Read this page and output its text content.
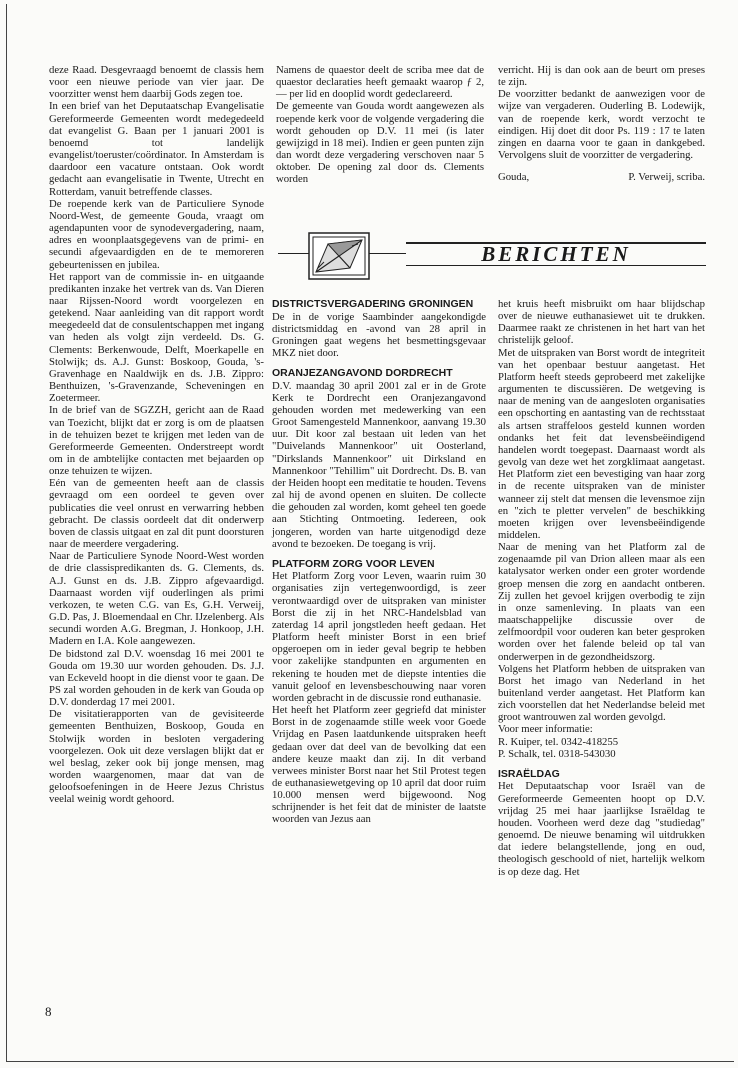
deze Raad. Desgevraagd benoemt de classis hem voor een nieuwe periode van vier jaar. De voorzitter wenst hem daarbij Gods zegen toe.

In een brief van het Deputaatschap Evangelisatie Gereformeerde Gemeenten wordt medegedeeld dat evangelist G. Baan per 1 januari 2001 is benoemd tot landelijk evangelist/toeruster/coördinator. In Amsterdam is daardoor een vacature ontstaan. Ook wordt gedacht aan evangelisatie in Twente, Utrecht en Rotterdam, vanuit betreffende classes.

De roepende kerk van de Particuliere Synode Noord-West, de gemeente Gouda, vraagt om agendapunten voor de synodevergadering, naam, adres en woonplaatsgegevens van de primi- en secundi afgevaardigden en de te memoreren gebeurtenissen en jubilea.

Het rapport van de commissie in- en uitgaande predikanten inzake het vertrek van ds. Van Dieren naar Rijssen-Noord wordt voorgelezen en getekend. Naar aanleiding van dit rapport wordt meegedeeld dat de consulentschappen met ingang van heden als volgt zijn verdeeld. Ds. G. Clements: Berkenwoude, Delft, Moerkapelle en Stolwijk; ds. A.J. Gunst: Boskoop, Gouda, 's-Gravenhage en Naaldwijk en ds. J.B. Zippro: Benthuizen, 's-Gravenzande, Scheveningen en Zoetermeer.

In de brief van de SGZZH, gericht aan de Raad van Toezicht, blijkt dat er zorg is om de plaatsen in de tehuizen bezet te krijgen met leden van de Gereformeerde Gemeenten. Onderstreept wordt om in de ambtelijke contacten met bejaarden op onze tehuizen te wijzen.

Eén van de gemeenten heeft aan de classis gevraagd om een oordeel te geven over publicaties die veel onrust en verwarring hebben gebracht. De classis oordeelt dat dit onderwerp boven de classis uitgaat en zal dit punt doorsturen naar de meerdere vergadering.

Naar de Particuliere Synode Noord-West worden de drie classispredikanten ds. G. Clements, ds. A.J. Gunst en ds. J.B. Zippro afgevaardigd. Daarnaast worden vijf ouderlingen als primi verkozen, te weten C.G. van Es, G.H. Verweij, G.D. Pas, J. Bloemendaal en Chr. IJzelenberg. Als secundi worden A.G. Bregman, J. Honkoop, J.H. Madern en I.A. Kole aangewezen.

De bidstond zal D.V. woensdag 16 mei 2001 te Gouda om 19.30 uur worden gehouden. Ds. J.J. van Eckeveld hoopt in die dienst voor te gaan. De PS zal worden gehouden in de kerk van Gouda op D.V. donderdag 17 mei 2001.

De visitatierapporten van de gevisiteerde gemeenten Benthuizen, Boskoop, Gouda en Stolwijk worden in besloten vergadering voorgelezen. Ook uit deze verslagen blijkt dat er wel beslag, zeker ook bij jonge mensen, mag worden waargenomen, maar dat van de geloofsoefeningen in de Heere Jezus Christus veelal weinig wordt gehoord.

Namens de quaestor deelt de scriba mee dat de quaestor declaraties heeft gemaakt waarop ƒ 2,— per lid en dooplid wordt gedeclareerd.

De gemeente van Gouda wordt aangewezen als roepende kerk voor de volgende vergadering die wordt gehouden op D.V. 11 mei (is later gewijzigd in 18 mei). Indien er geen punten zijn dan wordt deze vergadering verschoven naar 5 oktober. De opening zal door ds. Clements worden

verricht. Hij is dan ook aan de beurt om preses te zijn.

De voorzitter bedankt de aanwezigen voor de wijze van vergaderen. Ouderling B. Lodewijk, van de roepende kerk, wordt verzocht te eindigen. Hij doet dit door Ps. 119 : 17 te laten zingen en daarna voor te gaan in dankgebed. Vervolgens sluit de voorzitter de vergadering.

Gouda,	P. Verweij, scriba.
BERICHTEN

DISTRICTSVERGADERING GRONINGEN

De in de vorige Saambinder aangekondigde districtsmiddag en -avond van 28 april in Groningen gaat wegens het besmettingsgevaar MKZ niet door.

ORANJEZANGAVOND DORDRECHT

D.V. maandag 30 april 2001 zal er in de Grote Kerk te Dordrecht een Oranjezangavond gehouden worden met medewerking van een Groot Samengesteld Mannenkoor, aanvang 19.30 uur. Dit koor zal bestaan uit leden van het "Duivelands Mannenkoor" uit Oosterland, "Dirkslands Mannenkoor" uit Dirksland en Mannenkoor "Tehillim" uit Dordrecht. Ds. B. van der Heiden hoopt een meditatie te houden. Tevens zal hij de avond openen en sluiten. De collecte die gehouden zal worden, komt geheel ten goede aan Stichting Ontmoeting. Iedereen, ook jongeren, worden van harte uitgenodigd deze avond te bezoeken. De toegang is vrij.

PLATFORM ZORG VOOR LEVEN

Het Platform Zorg voor Leven, waarin ruim 30 organisaties zijn vertegenwoordigd, is zeer verontwaardigd over de uitspraken van minister Borst die zij in het NRC-Handelsblad van zaterdag 14 april jongstleden heeft gedaan. Het Platform heeft minister Borst in een brief opgeroepen om in ieder geval begrip te hebben voor zakelijke standpunten en argumenten en rekening te houden met de diepste intenties die vanuit geloof en levensbeschouwing naar voren worden gebracht in de discussie rond euthanasie.

Het heeft het Platform zeer gegriefd dat minister Borst in de zogenaamde stille week voor Goede Vrijdag en Pasen laatdunkende uitspraken heeft gedaan over dat deel van de bevolking dat een andere keuze maakt dan zij. In dit verband verwees minister Borst naar het Stil Protest tegen de euthanasiewetgeving op 10 april dat door ruim 10.000 mensen werd bijgewoond. Nog schrijnender is het feit dat de minister de laatste woorden van Jezus aan

het kruis heeft misbruikt om haar blijdschap over de nieuwe euthanasiewet uit te drukken. Daarmee raakt ze christenen in het hart van het christelijk geloof.

Met de uitspraken van Borst wordt de integriteit van het openbaar bestuur aangetast. Het Platform heeft steeds geprobeerd met zakelijke argumenten te discussiëren. De wetgeving is naar de mening van de aangesloten organisaties een opschorting en aantasting van de rechtsstaat als artsen straffeloos gesteld kunnen worden ondanks het feit dat levensbeëindigend handelen wordt toegepast. Daarnaast wordt als gevolg van deze wet het zorgklimaat aangetast. Het Platform ziet een bevestiging van haar zorg in de recente uitspraken van de minister wanneer zij stelt dat mensen die levensmoe zijn en "zich te pletter vervelen" de beschikking moeten krijgen over levensbeëindigende middelen.

Naar de mening van het Platform zal de zogenaamde pil van Drion alleen maar als een katalysator werken onder een groter wordende groep mensen die zorg en aandacht ontberen. Zij zullen het gevoel krijgen overbodig te zijn in onze samenleving. In plaats van een maatschappelijke discussie over de zelfmoordpil voor ouderen kan beter gesproken worden over het falende beleid op tal van onderwerpen in de gezondheidszorg.

Volgens het Platform hebben de uitspraken van Borst het imago van Nederland in het buitenland verder aangetast. Het Platform kan zich voorstellen dat het Nederlandse beleid met groot wantrouwen zal worden gevolgd.

Voor meer informatie:

R. Kuiper, tel. 0342-418255

P. Schalk, tel. 0318-543030

ISRAËLDAG

Het Deputaatschap voor Israël van de Gereformeerde Gemeenten hoopt op D.V. vrijdag 25 mei haar jaarlijkse Israëldag te houden. Voorheen werd deze dag "studiedag" genoemd. De nieuwe benaming wil uitdrukken dat iedere belangstellende, jong en oud, theologisch geschoold of niet, hartelijk welkom is op deze dag. Het

8
